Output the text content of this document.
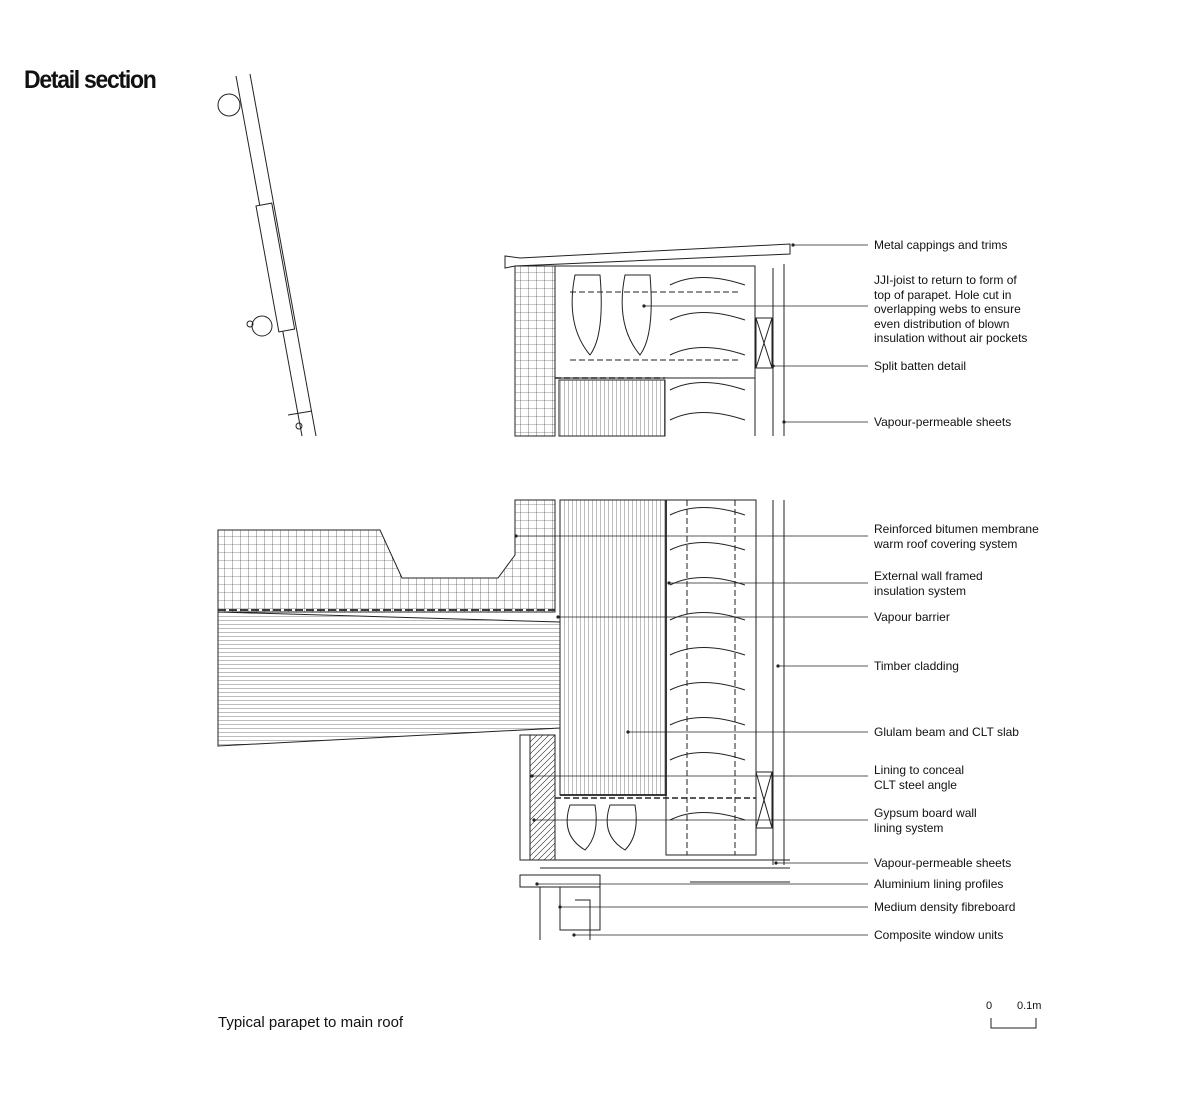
Detail section
Metal cappings and trims
JJI-joist to return to form of
top of parapet. Hole cut in
overlapping webs to ensure
even distribution of blown
insulation without air pockets
Split batten detail
Vapour-permeable sheets
Reinforced bitumen membrane
warm roof covering system
External wall framed
insulation system
Vapour barrier
Timber cladding
Glulam beam and CLT slab
Lining to conceal
CLT steel angle
Gypsum board wall
lining system
Vapour-permeable sheets
Aluminium lining profiles
Medium density fibreboard
Composite window units
Typical parapet to main roof
0 0.1m
